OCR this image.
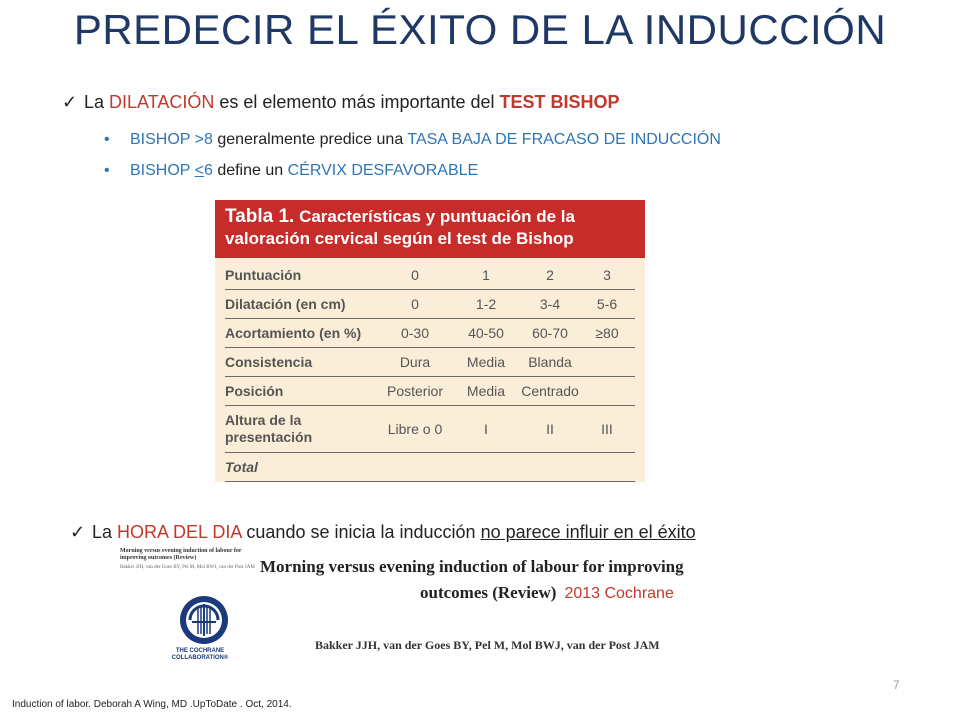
PREDECIR EL ÉXITO DE LA INDUCCIÓN
✓ La DILATACIÓN es el elemento más importante del TEST BISHOP
• BISHOP >8 generalmente predice una TASA BAJA DE FRACASO DE INDUCCIÓN
• BISHOP <6 define un CÉRVIX DESFAVORABLE
Tabla 1. Características y puntuación de la
valoración cervical según el test de Bishop
Puntuación	0	1	2	3
Dilatación (en cm)	0	1-2	3-4	5-6
Acortamiento (en %)	0-30	40-50	60-70	≥80
Consistencia	Dura	Media	Blanda
Posición	Posterior	Media	Centrado
Altura de la presentación	Libre o 0	I	II	III
Total
✓ La HORA DEL DIA cuando se inicia la inducción no parece influir en el éxito
Morning versus evening induction of labour for improving outcomes (Review)
Bakker JJH, van der Goes BY, Pel M, Mol BWJ, van der Post JAM
THE COCHRANE COLLABORATION®
Morning versus evening induction of labour for improving
outcomes (Review) 2013 Cochrane
Bakker JJH, van der Goes BY, Pel M, Mol BWJ, van der Post JAM
7
Induction of labor. Deborah A Wing, MD .UpToDate . Oct, 2014.
